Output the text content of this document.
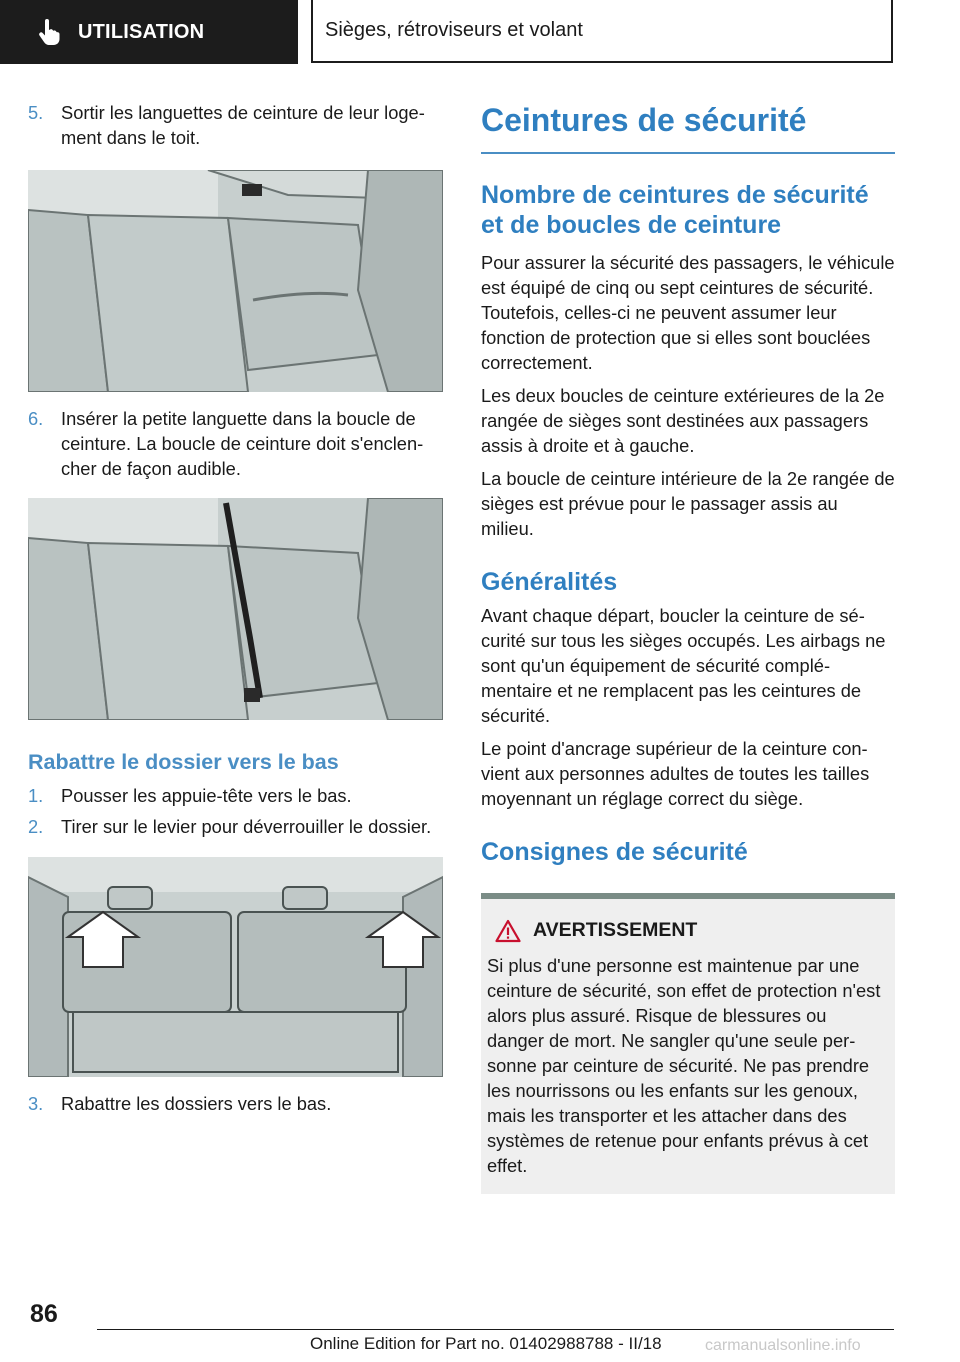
UTILISATION	Sièges, rétroviseurs et volant
5. Sortir les languettes de ceinture de leur logement dans le toit.
6. Insérer la petite languette dans la boucle de ceinture. La boucle de ceinture doit s'enclencher de façon audible.

Rabattre le dossier vers le bas

1. Pousser les appuie-tête vers le bas.
2. Tirer sur le levier pour déverrouiller le dossier.
3. Rabattre les dossiers vers le bas.
Ceintures de sécurité
Nombre de ceintures de sécurité et de boucles de ceinture

Pour assurer la sécurité des passagers, le véhicule est équipé de cinq ou sept ceintures de sécurité. Toutefois, celles-ci ne peuvent assumer leur fonction de protection que si elles sont bouclées correctement.

Les deux boucles de ceinture extérieures de la 2e rangée de sièges sont destinées aux passagers assis à droite et à gauche.

La boucle de ceinture intérieure de la 2e rangée de sièges est prévue pour le passager assis au milieu.

Généralités

Avant chaque départ, boucler la ceinture de sécurité sur tous les sièges occupés. Les airbags ne sont qu'un équipement de sécurité complémentaire et ne remplacent pas les ceintures de sécurité.

Le point d'ancrage supérieur de la ceinture convient aux personnes adultes de toutes les tailles moyennant un réglage correct du siège.

Consignes de sécurité
AVERTISSEMENT

Si plus d'une personne est maintenue par une ceinture de sécurité, son effet de protection n'est alors plus assuré. Risque de blessures ou danger de mort. Ne sangler qu'une seule personne par ceinture de sécurité. Ne pas prendre les nourrissons ou les enfants sur les genoux, mais les transporter et les attacher dans des systèmes de retenue pour enfants prévus à cet effet.

86
Online Edition for Part no. 01402988788 - II/18	carmanualsonline.info
